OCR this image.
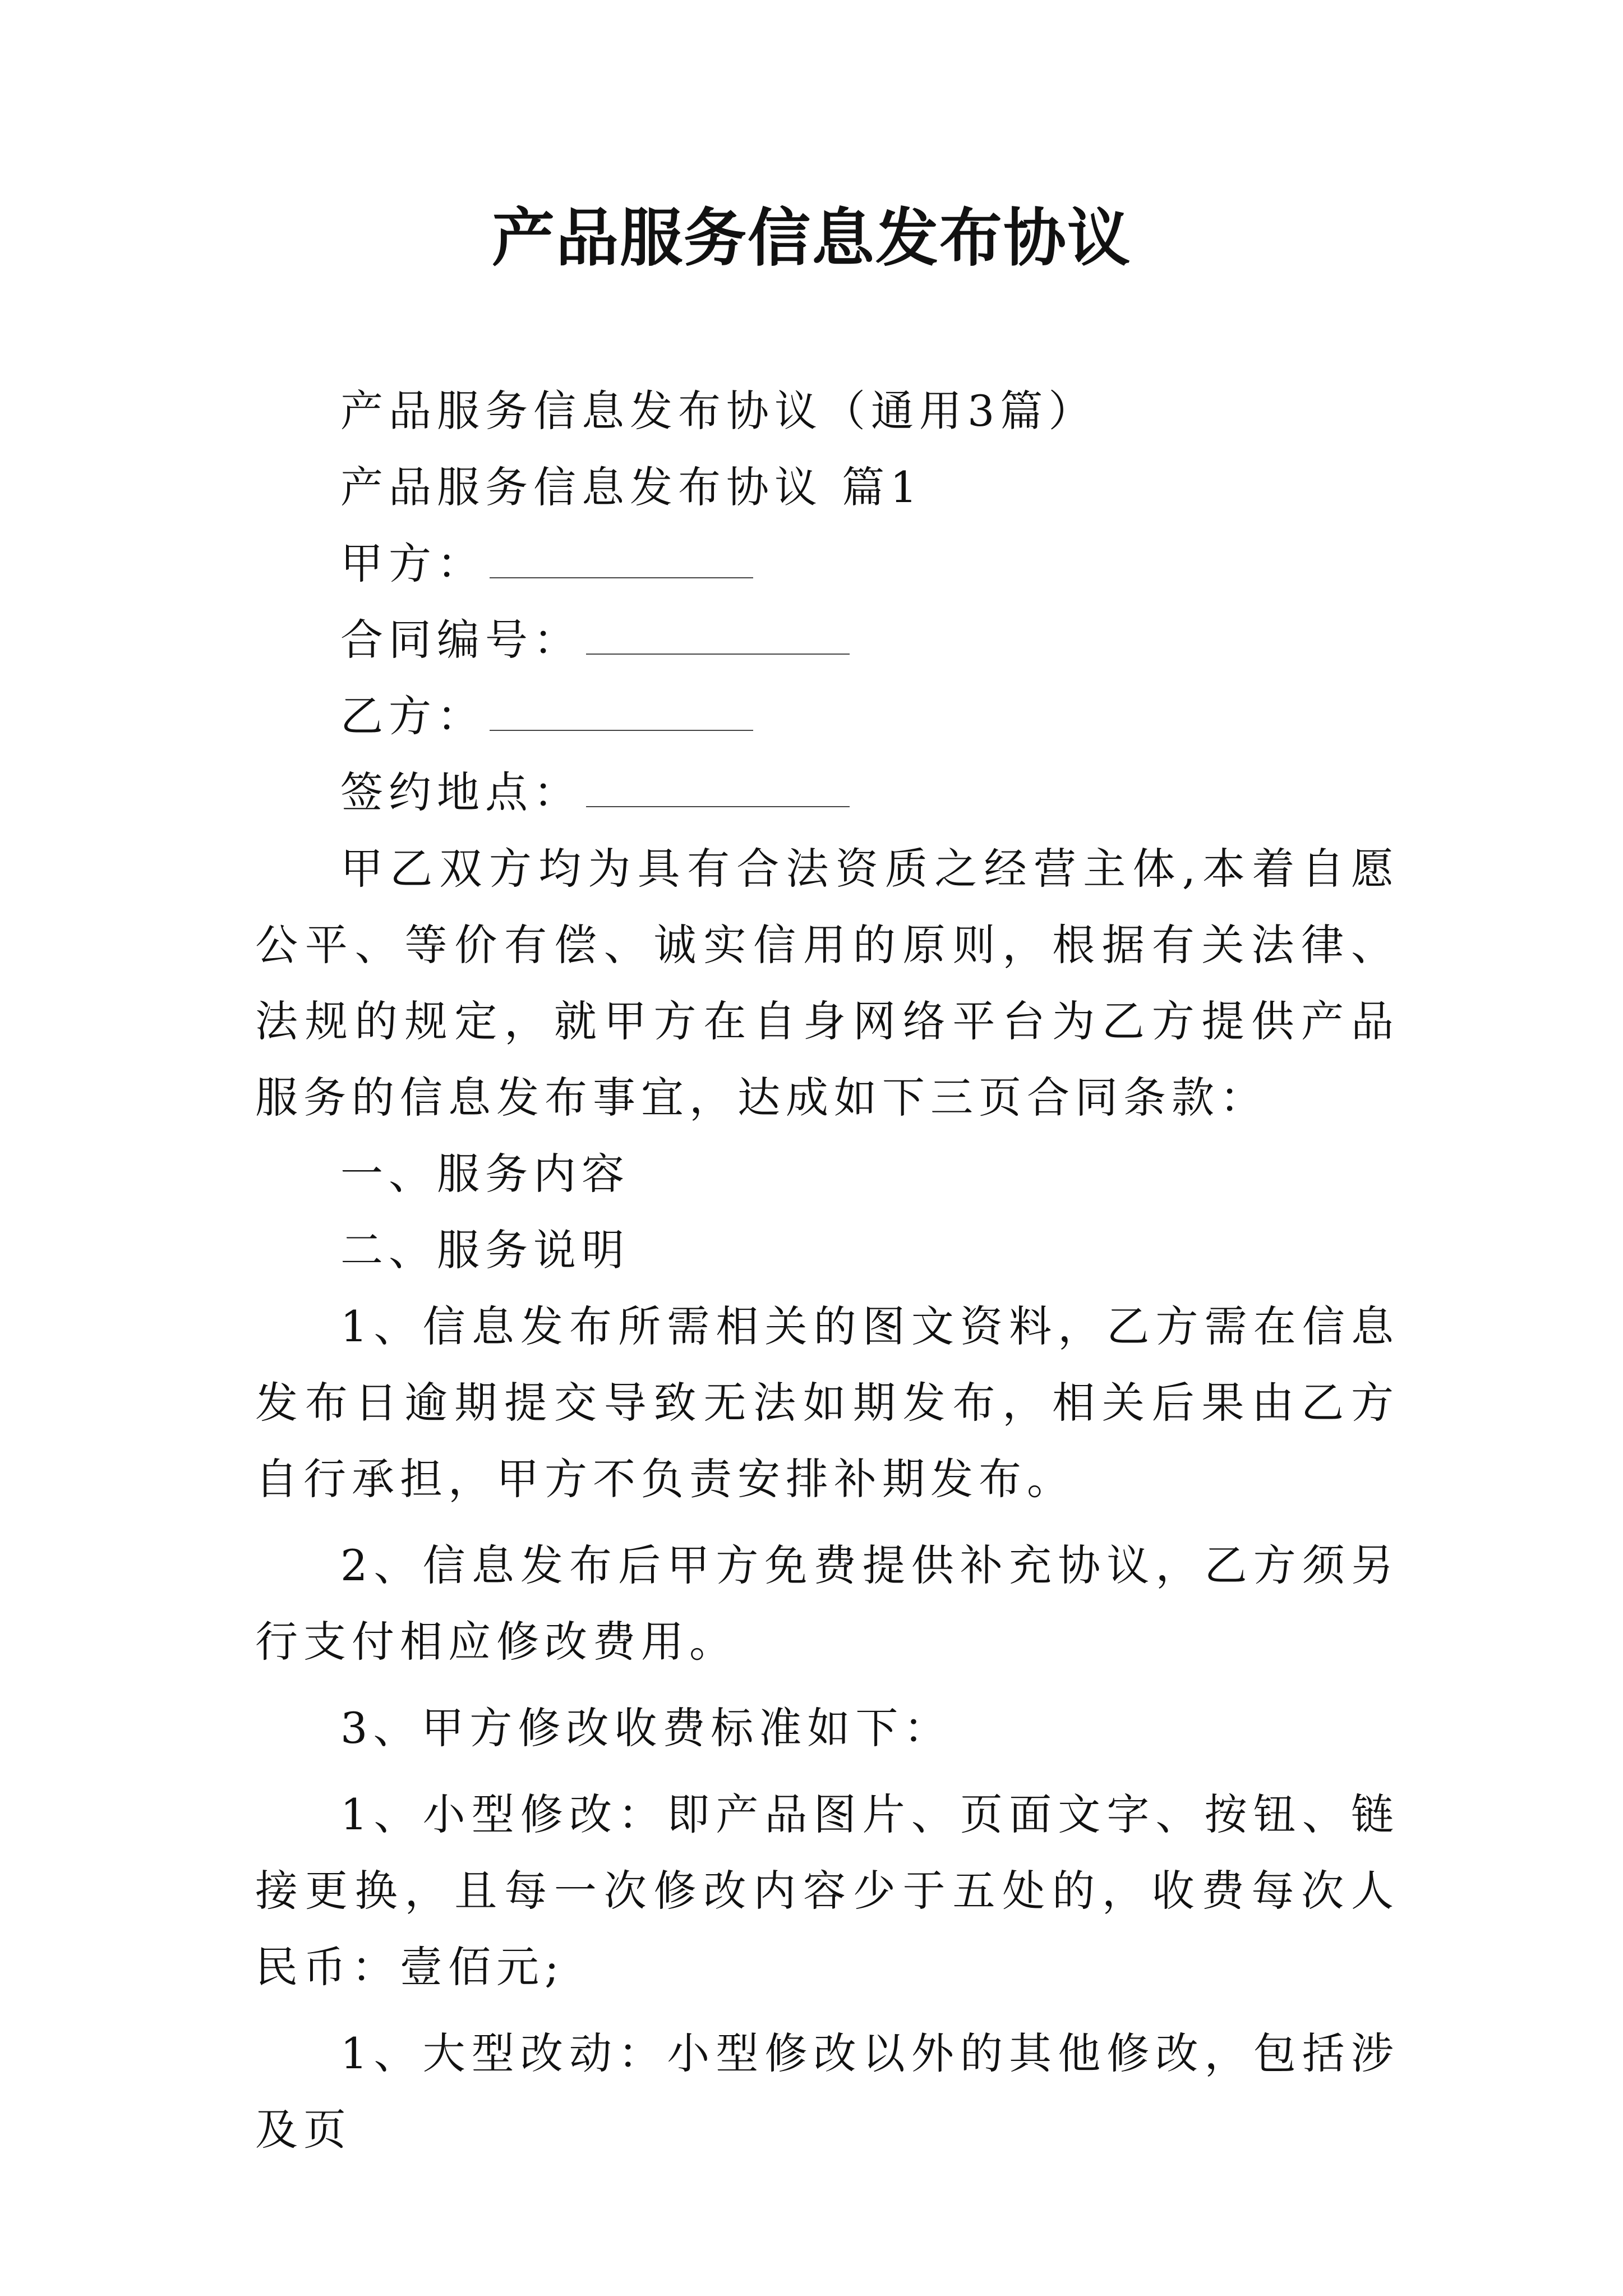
产品服务信息发布协议

产品服务信息发布协议（通用3篇）

产品服务信息发布协议 篇1

甲方：

合同编号：

乙方：

签约地点：

甲乙双方均为具有合法资质之经营主体,本着自愿公平、等价有偿、诚实信用的原则，根据有关法律、法规的规定，就甲方在自身网络平台为乙方提供产品服务的信息发布事宜，达成如下三页合同条款：

一、服务内容

二、服务说明

1、信息发布所需相关的图文资料，乙方需在信息发布日逾期提交导致无法如期发布，相关后果由乙方自行承担，甲方不负责安排补期发布。

2、信息发布后甲方免费提供补充协议，乙方须另行支付相应修改费用。

3、甲方修改收费标准如下：

1、小型修改：即产品图片、页面文字、按钮、链接更换，且每一次修改内容少于五处的，收费每次人民币：壹佰元;

1、大型改动：小型修改以外的其他修改，包括涉及页
